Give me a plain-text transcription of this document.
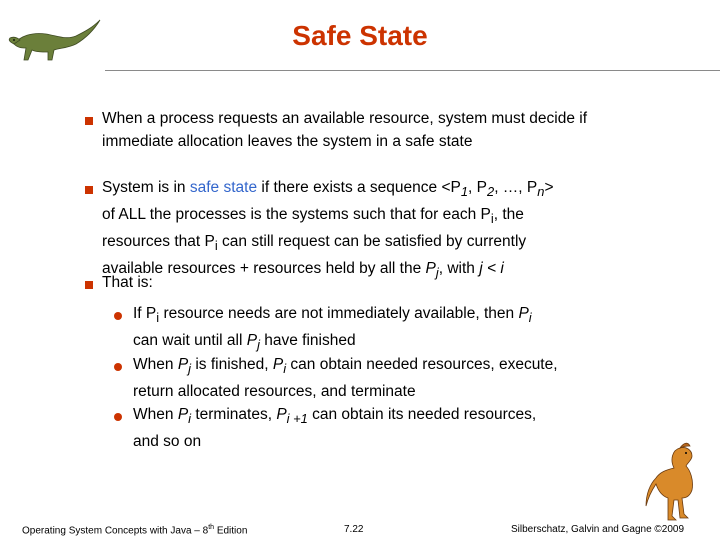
Safe State
When a process requests an available resource, system must decide if immediate allocation leaves the system in a safe state
System is in safe state if there exists a sequence $<P_1$, $P_2$, …, $P_n>$
of ALL the processes is the systems such that for each $P_i$, the
resources that $P_i$ can still request can be satisfied by currently
available resources + resources held by all the $P_j$, with j < i
That is:
If $P_i$ resource needs are not immediately available, then $P_i$
can wait until all $P_j$ have finished
When $P_j$ is finished, $P_i$ can obtain needed resources, execute,
return allocated resources, and terminate
When $P_i$ terminates, $P_{i +1}$ can obtain its needed resources,
and so on
Operating System Concepts with Java – 8th Edition	7.22	Silberschatz, Galvin and Gagne ©2009
